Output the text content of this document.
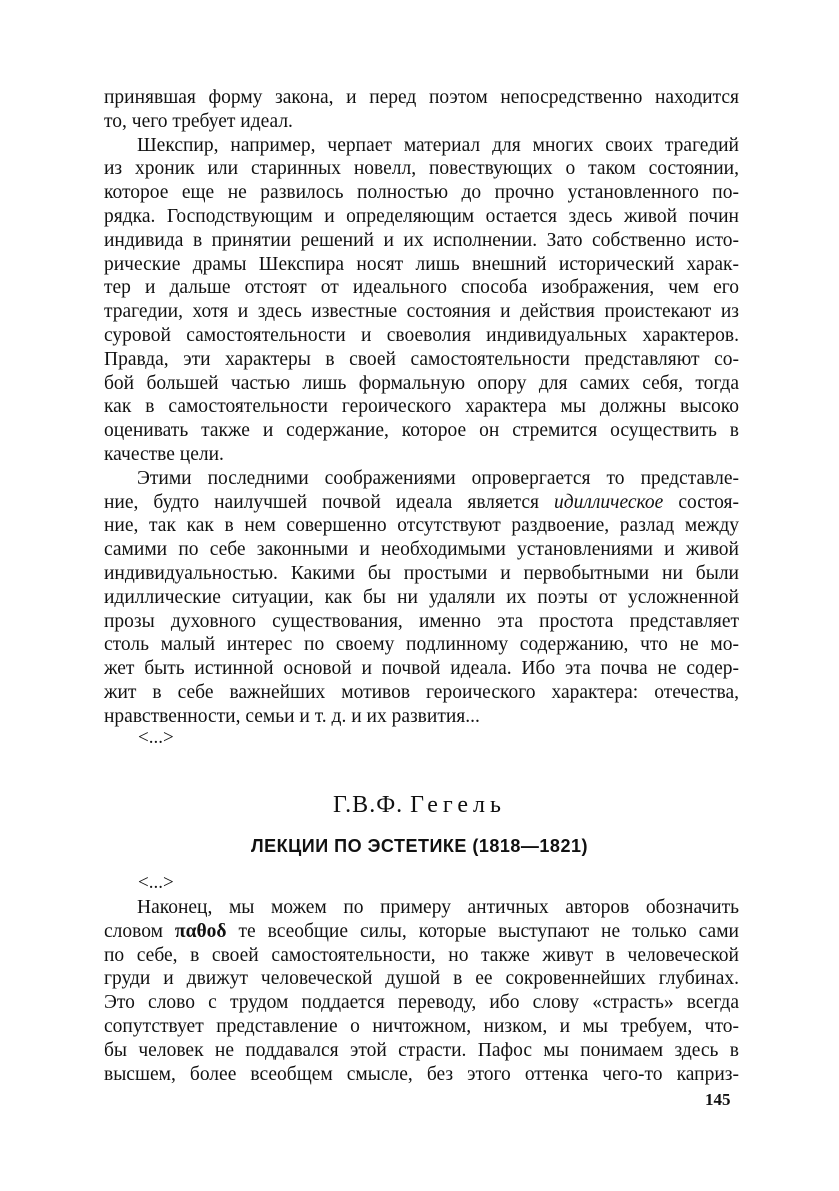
принявшая форму закона, и перед поэтом непосредственно находится
то, чего требует идеал.
Шекспир, например, черпает материал для многих своих трагедий
из хроник или старинных новелл, повествующих о таком состоянии,
которое еще не развилось полностью до прочно установленного по-
рядка. Господствующим и определяющим остается здесь живой почин
индивида в принятии решений и их исполнении. Зато собственно исто-
рические драмы Шекспира носят лишь внешний исторический харак-
тер и дальше отстоят от идеального способа изображения, чем его
трагедии, хотя и здесь известные состояния и действия проистекают из
суровой самостоятельности и своеволия индивидуальных характеров.
Правда, эти характеры в своей самостоятельности представляют со-
бой большей частью лишь формальную опору для самих себя, тогда
как в самостоятельности героического характера мы должны высоко
оценивать также и содержание, которое он стремится осуществить в
качестве цели.
Этими последними соображениями опровергается то представле-
ние, будто наилучшей почвой идеала является идиллическое состоя-
ние, так как в нем совершенно отсутствуют раздвоение, разлад между
самими по себе законными и необходимыми установлениями и живой
индивидуальностью. Какими бы простыми и первобытными ни были
идиллические ситуации, как бы ни удаляли их поэты от усложненной
прозы духовного существования, именно эта простота представляет
столь малый интерес по своему подлинному содержанию, что не мо-
жет быть истинной основой и почвой идеала. Ибо эта почва не содер-
жит в себе важнейших мотивов героического характера: отечества,
нравственности, семьи и т. д. и их развития...
<...>
Г.В.Ф. Гегель
ЛЕКЦИИ ПО ЭСТЕТИКЕ (1818—1821)
<...>
Наконец, мы можем по примеру античных авторов обозначить
словом παθοδ те всеобщие силы, которые выступают не только сами
по себе, в своей самостоятельности, но также живут в человеческой
груди и движут человеческой душой в ее сокровеннейших глубинах.
Это слово с трудом поддается переводу, ибо слову «страсть» всегда
сопутствует представление о ничтожном, низком, и мы требуем, что-
бы человек не поддавался этой страсти. Пафос мы понимаем здесь в
высшем, более всеобщем смысле, без этого оттенка чего-то каприз-
145
